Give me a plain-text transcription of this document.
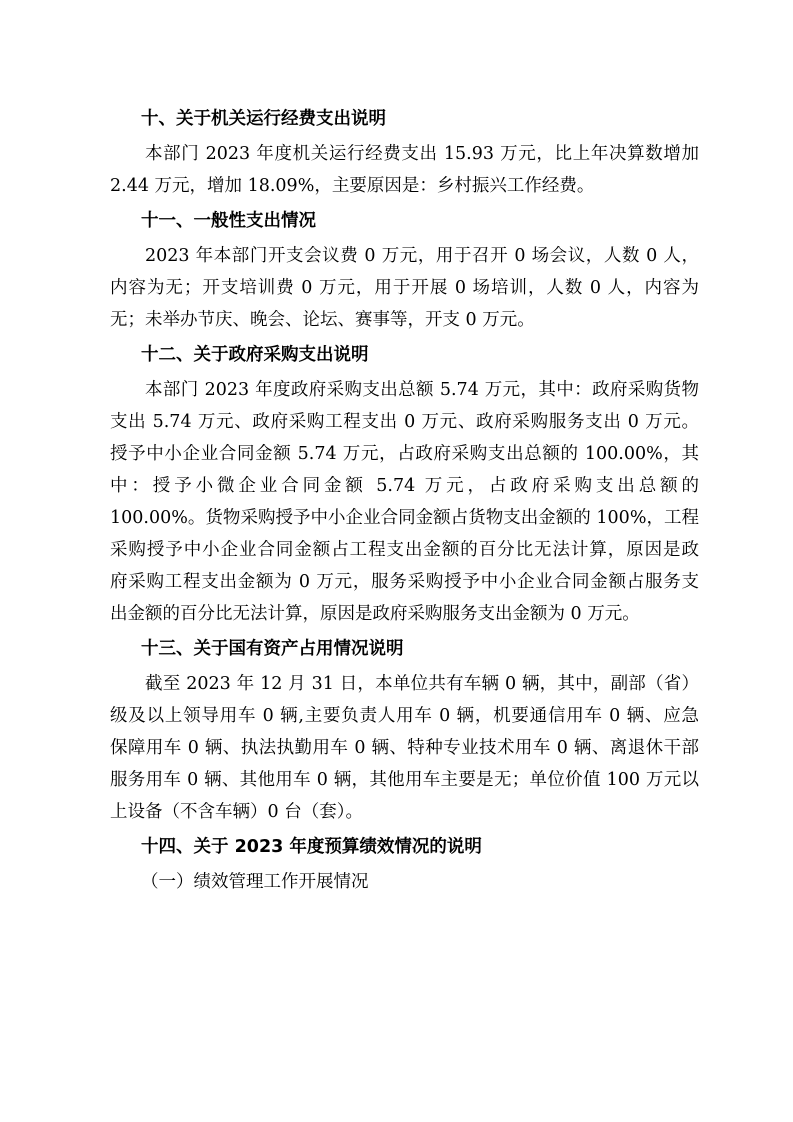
十、关于机关运行经费支出说明
本部门 2023 年度机关运行经费支出 15.93 万元，比上年决算数增加
2.44 万元，增加 18.09%，主要原因是：乡村振兴工作经费。
十一、一般性支出情况
2023 年本部门开支会议费 0 万元，用于召开 0 场会议，人数 0 人，
内容为无；开支培训费 0 万元，用于开展 0 场培训，人数 0 人，内容为
无；未举办节庆、晚会、论坛、赛事等，开支 0 万元。
十二、关于政府采购支出说明
本部门 2023 年度政府采购支出总额 5.74 万元，其中：政府采购货物
支出 5.74 万元、政府采购工程支出 0 万元、政府采购服务支出 0 万元。
授予中小企业合同金额 5.74 万元，占政府采购支出总额的 100.00%，其
中：授予小微企业合同金额 5.74 万元，占政府采购支出总额的
100.00%。货物采购授予中小企业合同金额占货物支出金额的 100%，工程
采购授予中小企业合同金额占工程支出金额的百分比无法计算，原因是政
府采购工程支出金额为 0 万元，服务采购授予中小企业合同金额占服务支
出金额的百分比无法计算，原因是政府采购服务支出金额为 0 万元。
十三、关于国有资产占用情况说明
截至 2023 年 12 月 31 日，本单位共有车辆 0 辆，其中，副部（省）
级及以上领导用车 0 辆,主要负责人用车 0 辆，机要通信用车 0 辆、应急
保障用车 0 辆、执法执勤用车 0 辆、特种专业技术用车 0 辆、离退休干部
服务用车 0 辆、其他用车 0 辆，其他用车主要是无；单位价值 100 万元以
上设备（不含车辆）0 台（套）。
十四、关于 2023 年度预算绩效情况的说明
（一）绩效管理工作开展情况
